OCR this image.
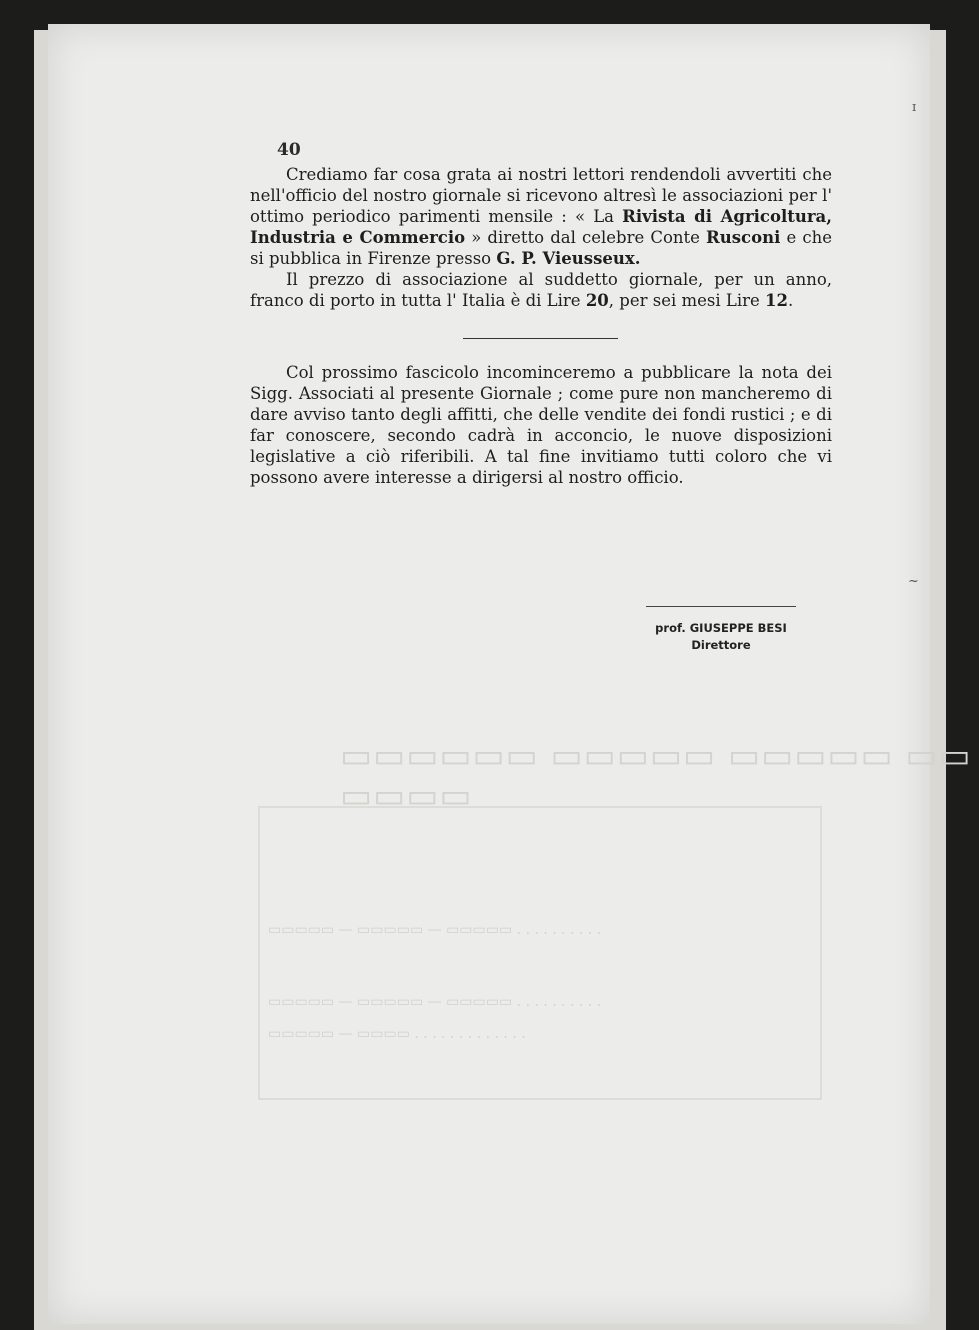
▭▭▭▭▭▭ ▭▭▭▭▭ ▭▭▭▭▭ ▭▭ ▭▭▭▭
▭▭▭▭▭ — ▭▭▭▭▭ — ▭▭▭▭▭ . . . . . . . . . .
▭▭▭▭▭ — ▭▭▭▭▭ — ▭▭▭▭▭ . . . . . . . . . .
▭▭▭▭▭ — ▭▭▭▭ . . . . . . . . . . . . .
ɪ
~
40

Crediamo far cosa grata ai nostri lettori rendendoli avvertiti che nell'officio del nostro giornale si ricevono altresì le associazioni per l' ottimo periodico parimenti mensile : « La Rivista di Agricoltura, Industria e Commercio » diretto dal celebre Conte Rusconi e che si pubblica in Firenze presso G. P. Vieusseux.

Il prezzo di associazione al suddetto giornale, per un anno, franco di porto in tutta l' Italia è di Lire 20, per sei mesi Lire 12.

Col prossimo fascicolo incominceremo a pubblicare la nota dei Sigg. Associati al presente Giornale ; come pure non mancheremo di dare avviso tanto degli affitti, che delle vendite dei fondi rustici ; e di far conoscere, secondo cadrà in acconcio, le nuove disposizioni legislative a ciò riferibili. A tal fine invitiamo tutti coloro che vi possono avere interesse a dirigersi al nostro officio.

prof. GIUSEPPE BESI
Direttore
